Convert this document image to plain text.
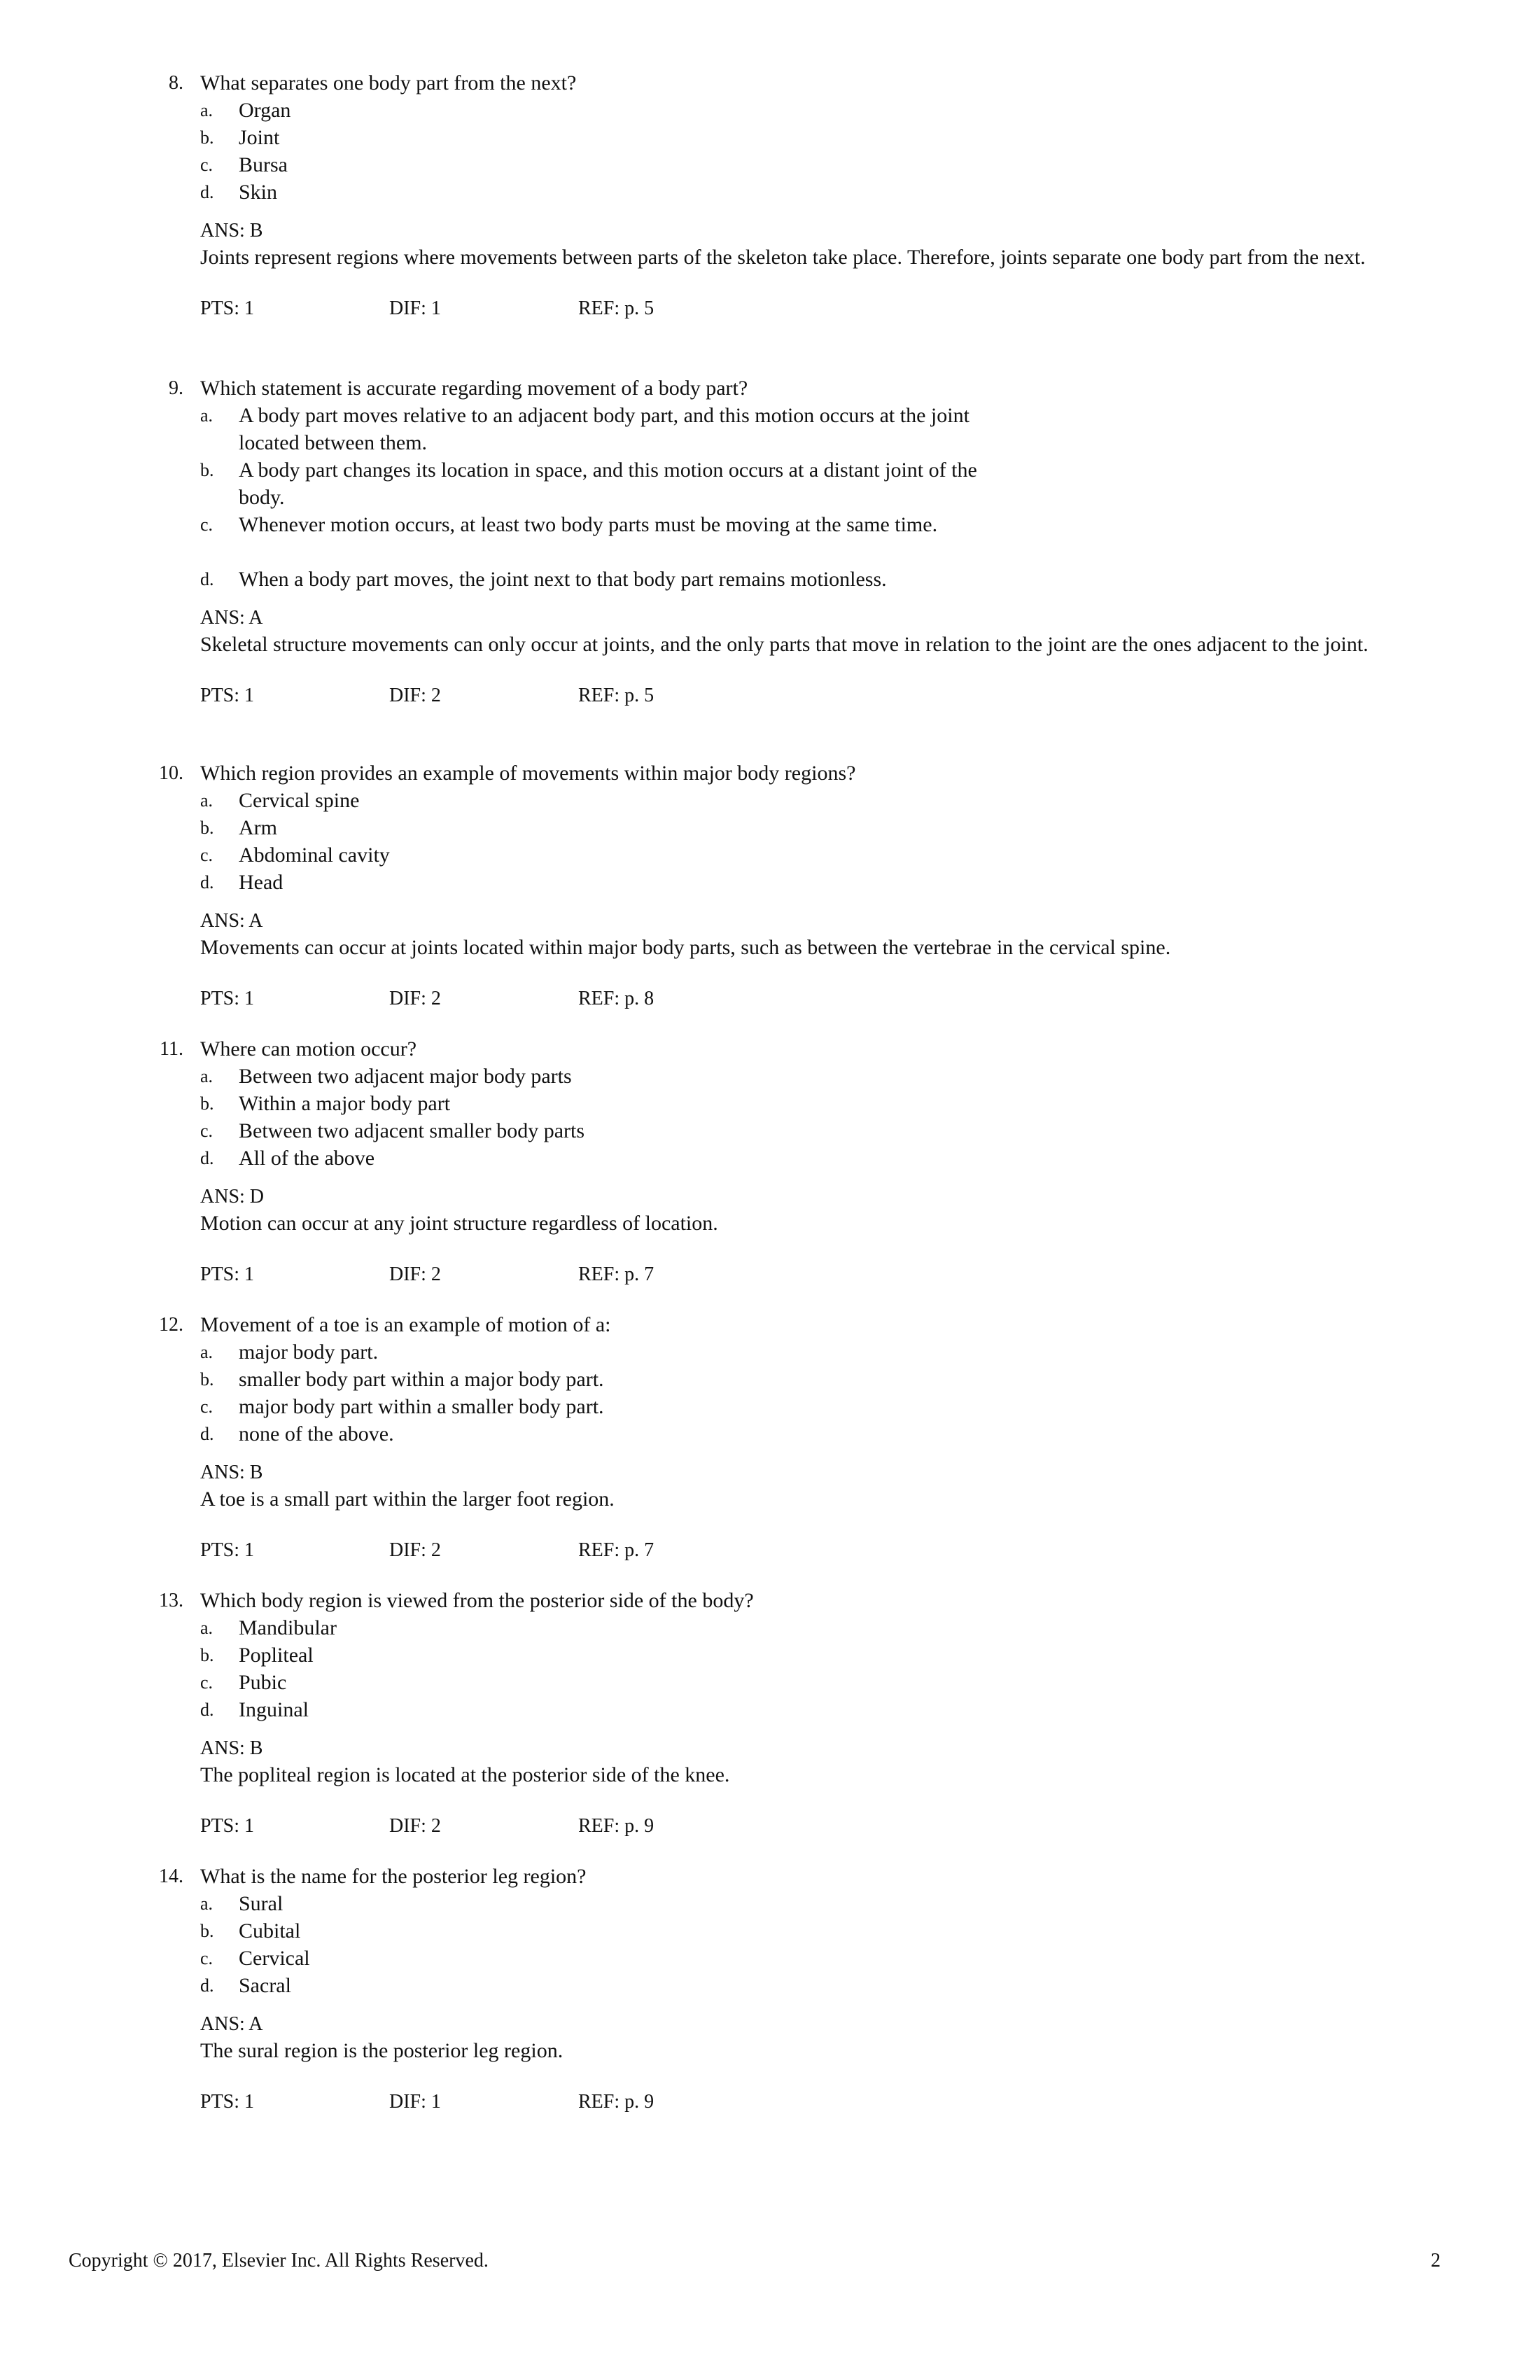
8. What separates one body part from the next?
a. Organ
b. Joint
c. Bursa
d. Skin
ANS: B
Joints represent regions where movements between parts of the skeleton take place. Therefore, joints separate one body part from the next.
PTS: 1	DIF: 1	REF: p. 5
9. Which statement is accurate regarding movement of a body part?
a. A body part moves relative to an adjacent body part, and this motion occurs at the joint located between them.
b. A body part changes its location in space, and this motion occurs at a distant joint of the body.
c. Whenever motion occurs, at least two body parts must be moving at the same time.
d. When a body part moves, the joint next to that body part remains motionless.
ANS: A
Skeletal structure movements can only occur at joints, and the only parts that move in relation to the joint are the ones adjacent to the joint.
PTS: 1	DIF: 2	REF: p. 5
10. Which region provides an example of movements within major body regions?
a. Cervical spine
b. Arm
c. Abdominal cavity
d. Head
ANS: A
Movements can occur at joints located within major body parts, such as between the vertebrae in the cervical spine.
PTS: 1	DIF: 2	REF: p. 8
11. Where can motion occur?
a. Between two adjacent major body parts
b. Within a major body part
c. Between two adjacent smaller body parts
d. All of the above
ANS: D
Motion can occur at any joint structure regardless of location.
PTS: 1	DIF: 2	REF: p. 7
12. Movement of a toe is an example of motion of a:
a. major body part.
b. smaller body part within a major body part.
c. major body part within a smaller body part.
d. none of the above.
ANS: B
A toe is a small part within the larger foot region.
PTS: 1	DIF: 2	REF: p. 7
13. Which body region is viewed from the posterior side of the body?
a. Mandibular
b. Popliteal
c. Pubic
d. Inguinal
ANS: B
The popliteal region is located at the posterior side of the knee.
PTS: 1	DIF: 2	REF: p. 9
14. What is the name for the posterior leg region?
a. Sural
b. Cubital
c. Cervical
d. Sacral
ANS: A
The sural region is the posterior leg region.
PTS: 1	DIF: 1	REF: p. 9
Copyright © 2017, Elsevier Inc. All Rights Reserved.	2
